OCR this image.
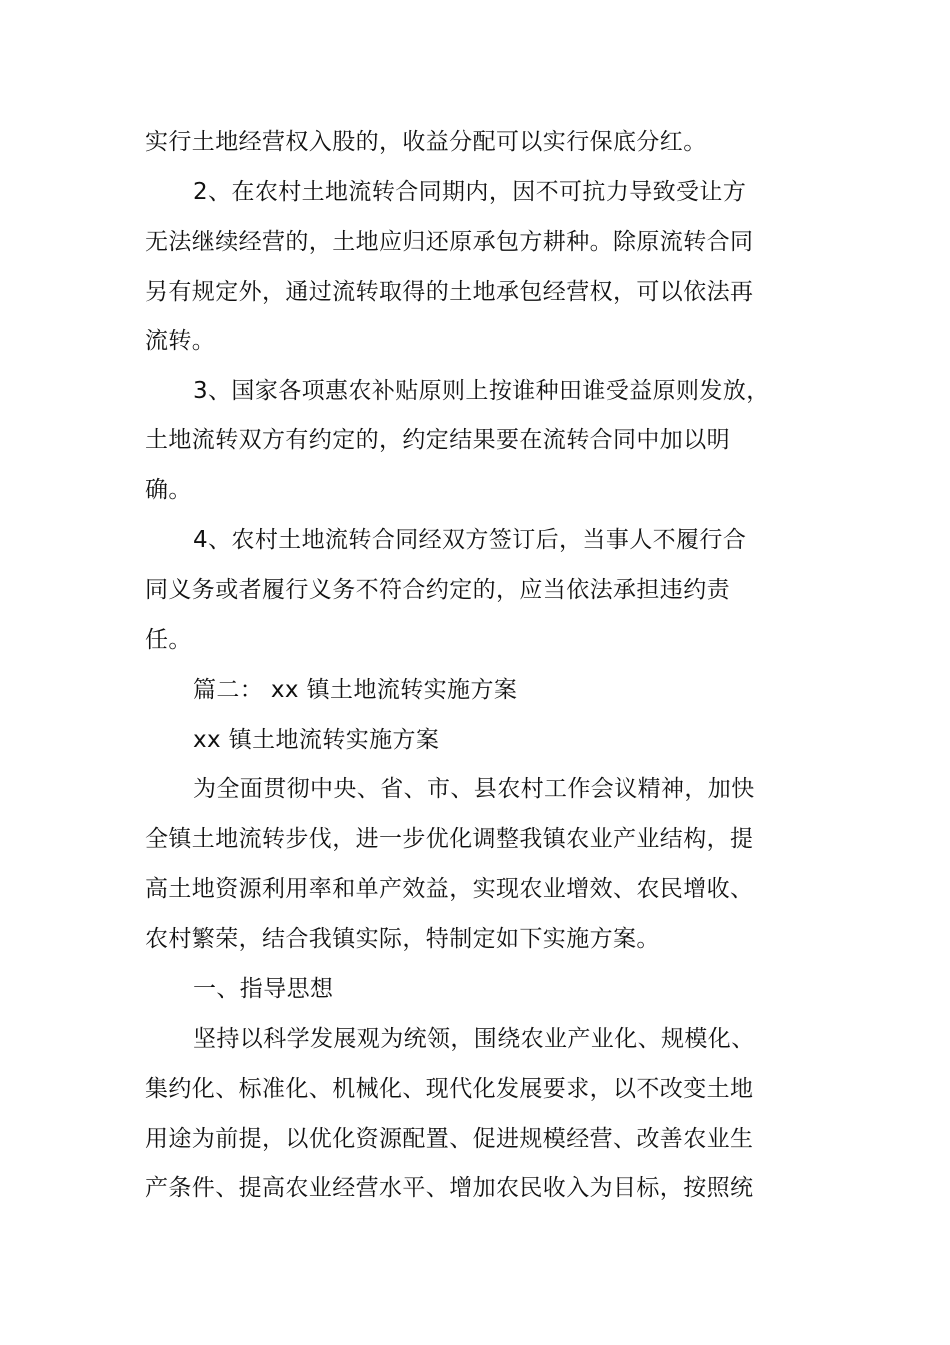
实行土地经营权入股的，收益分配可以实行保底分红。
2、在农村土地流转合同期内，因不可抗力导致受让方
无法继续经营的，土地应归还原承包方耕种。除原流转合同
另有规定外，通过流转取得的土地承包经营权，可以依法再
流转。
3、国家各项惠农补贴原则上按谁种田谁受益原则发放，
土地流转双方有约定的，约定结果要在流转合同中加以明
确。
4、农村土地流转合同经双方签订后，当事人不履行合
同义务或者履行义务不符合约定的，应当依法承担违约责
任。
篇二： xx 镇土地流转实施方案
xx 镇土地流转实施方案
为全面贯彻中央、省、市、县农村工作会议精神，加快
全镇土地流转步伐，进一步优化调整我镇农业产业结构，提
高土地资源利用率和单产效益，实现农业增效、农民增收、
农村繁荣，结合我镇实际，特制定如下实施方案。
一、指导思想
坚持以科学发展观为统领，围绕农业产业化、规模化、
集约化、标准化、机械化、现代化发展要求，以不改变土地
用途为前提，以优化资源配置、促进规模经营、改善农业生
产条件、提高农业经营水平、增加农民收入为目标，按照统
